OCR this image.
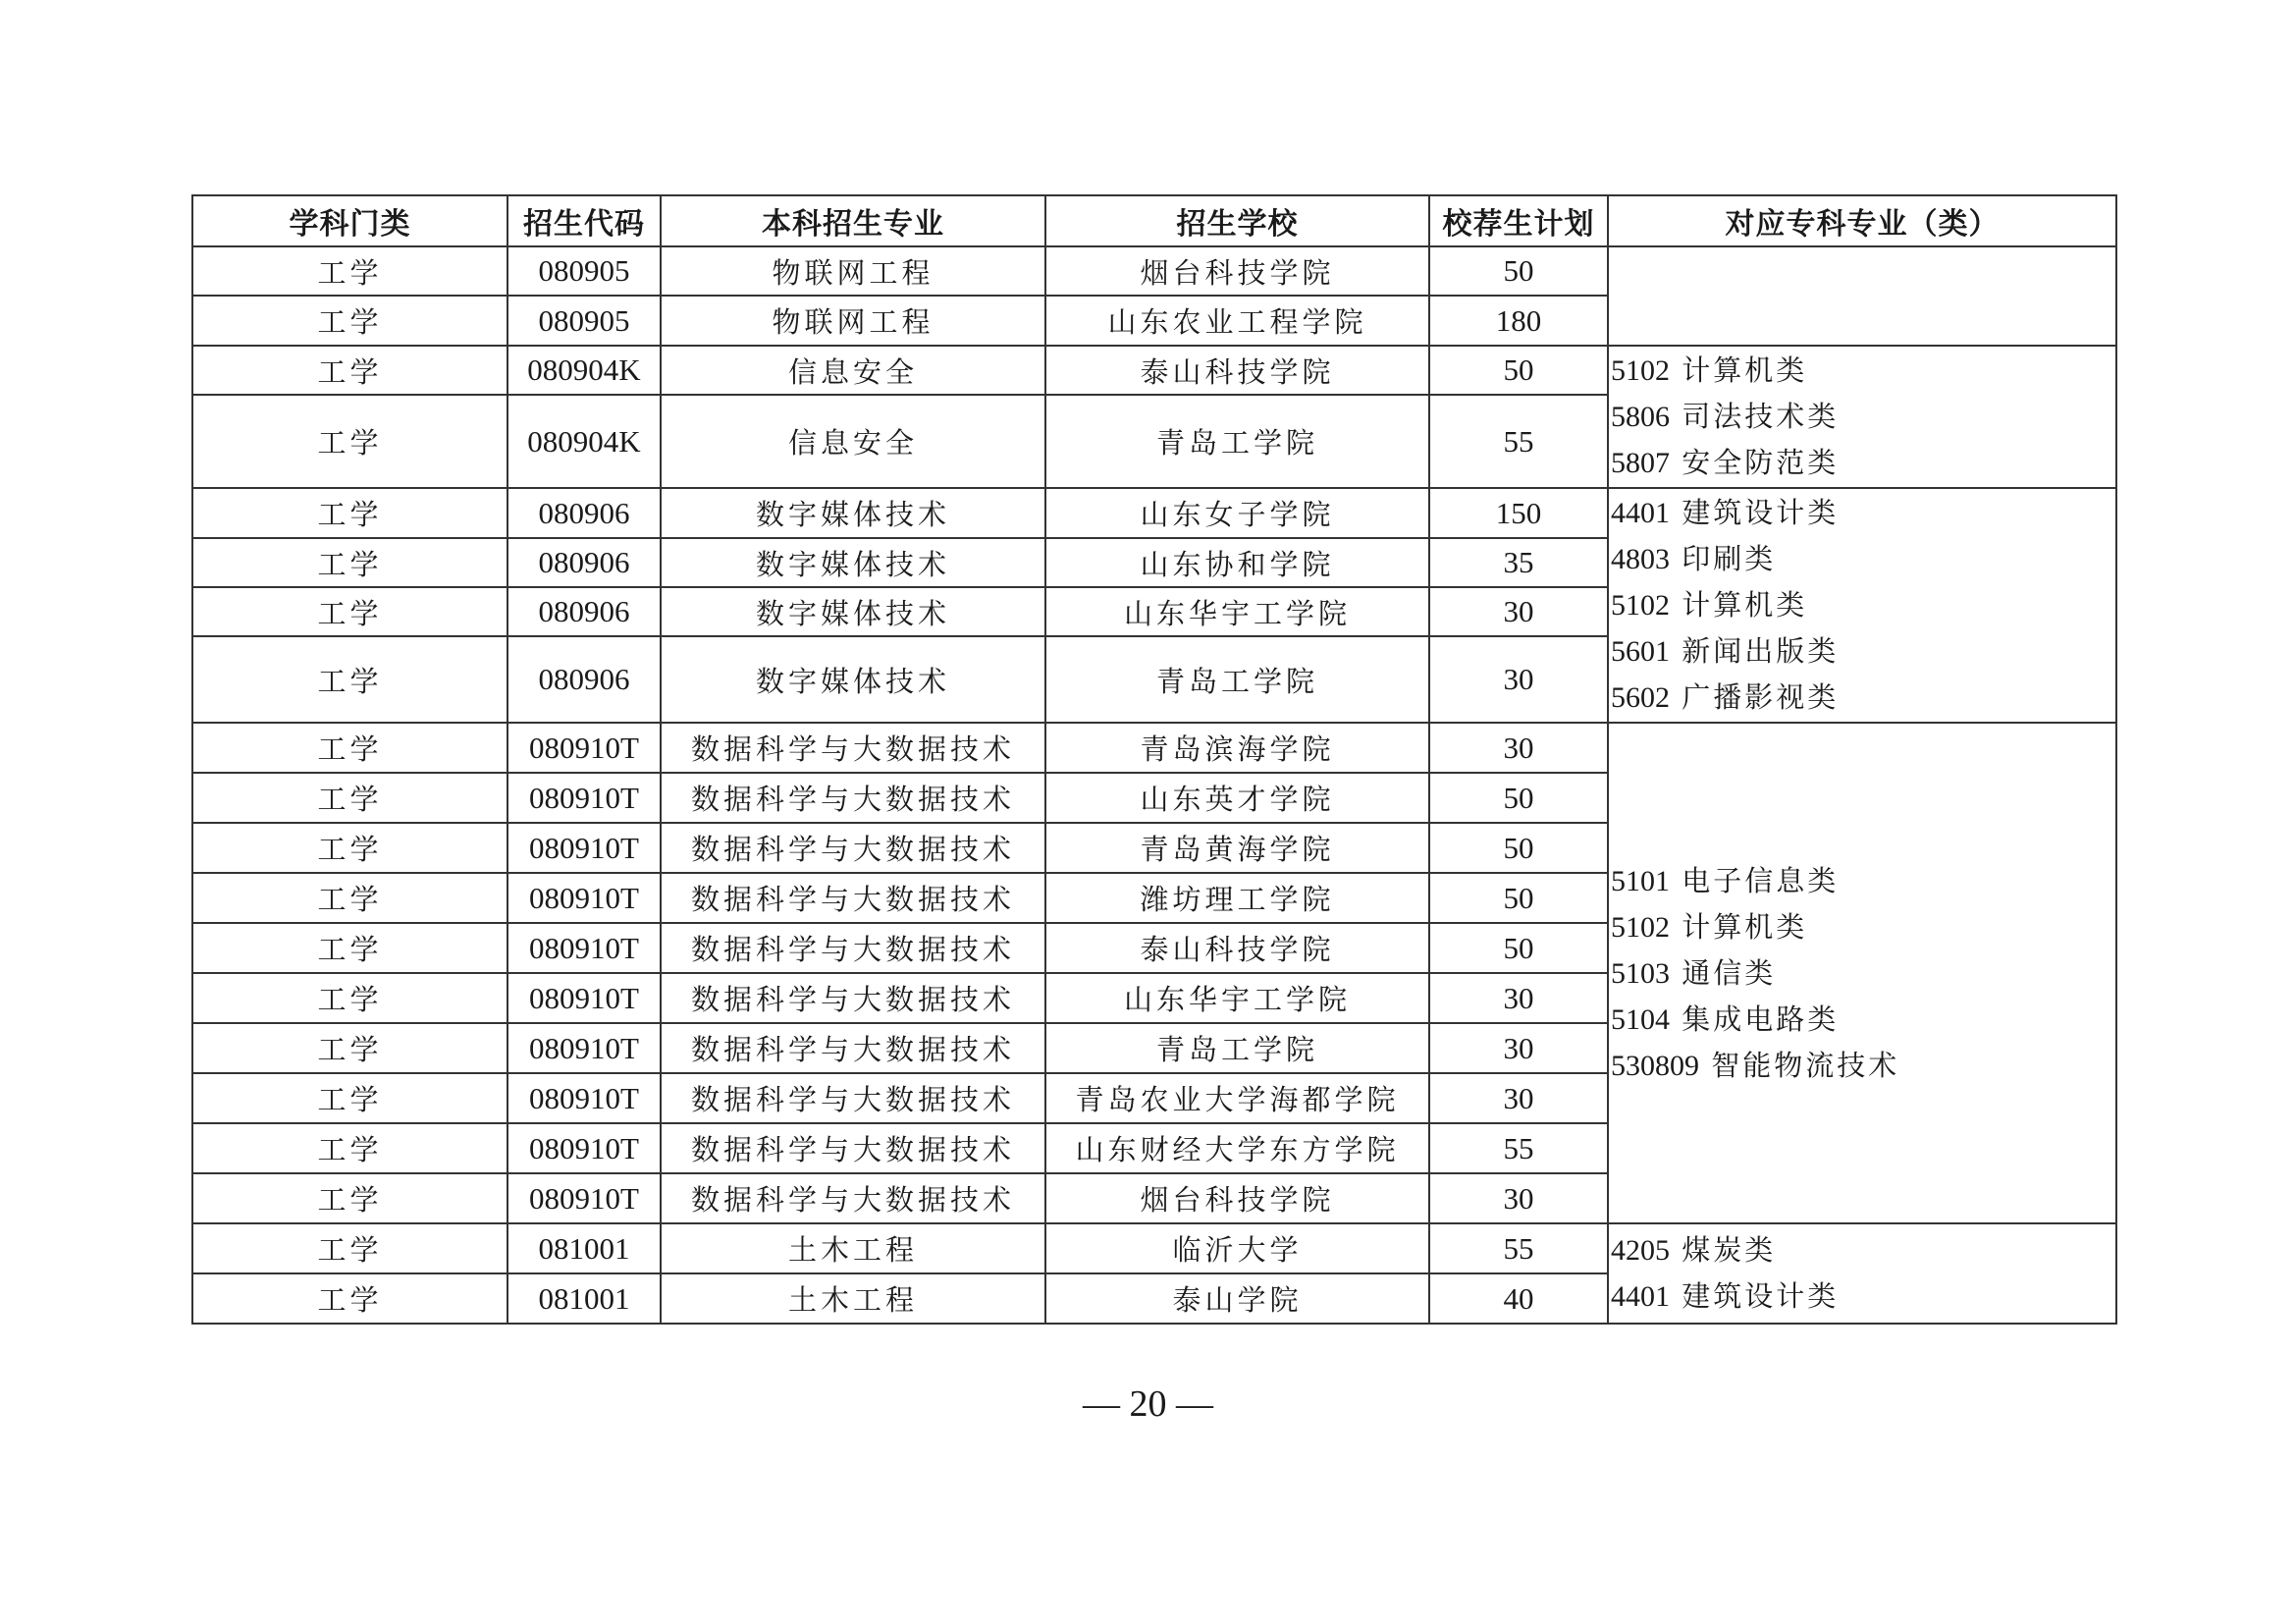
学科门类	招生代码	本科招生专业	招生学校	校荐生计划	对应专科专业（类）
工学	080905	物联网工程	烟台科技学院	50	
工学	080905	物联网工程	山东农业工程学院	180	
工学	080904K	信息安全	泰山科技学院	50	5102 计算机类
5806 司法技术类
5807 安全防范类

工学	080904K	信息安全	青岛工学院	55	
工学	080906	数字媒体技术	山东女子学院	150	4401 建筑设计类
4803 印刷类
5102 计算机类
5601 新闻出版类
5602 广播影视类

工学	080906	数字媒体技术	山东协和学院	35	
工学	080906	数字媒体技术	山东华宇工学院	30	
工学	080906	数字媒体技术	青岛工学院	30	
工学	080910T	数据科学与大数据技术	青岛滨海学院	30	5101 电子信息类
5102 计算机类
5103 通信类
5104 集成电路类
530809 智能物流技术

工学	080910T	数据科学与大数据技术	山东英才学院	50	
工学	080910T	数据科学与大数据技术	青岛黄海学院	50	
工学	080910T	数据科学与大数据技术	潍坊理工学院	50	
工学	080910T	数据科学与大数据技术	泰山科技学院	50	
工学	080910T	数据科学与大数据技术	山东华宇工学院	30	
工学	080910T	数据科学与大数据技术	青岛工学院	30	
工学	080910T	数据科学与大数据技术	青岛农业大学海都学院	30	
工学	080910T	数据科学与大数据技术	山东财经大学东方学院	55	
工学	080910T	数据科学与大数据技术	烟台科技学院	30	
工学	081001	土木工程	临沂大学	55	4205 煤炭类
4401 建筑设计类

工学	081001	土木工程	泰山学院	40	
— 20 —
